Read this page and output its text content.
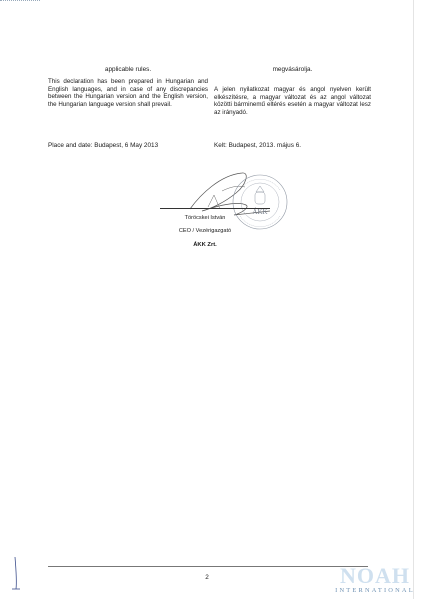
applicable rules.	megvásárolja.
This declaration has been prepared in Hungarian and English languages, and in case of any discrepancies between the Hungarian version and the English version, the Hungarian language version shall prevail.
A jelen nyilatkozat magyar és angol nyelven került elkészítésre, a magyar változat és az angol változat közötti bárminemű eltérés esetén a magyar változat lesz az irányadó.
Place and date: Budapest, 6 May 2013	Kelt: Budapest, 2013. május 6.
ÁKK
Töröcskei István
CEO / Vezérigazgató
ÁKK Zrt.
2	NOAH
INTERNATIONAL
